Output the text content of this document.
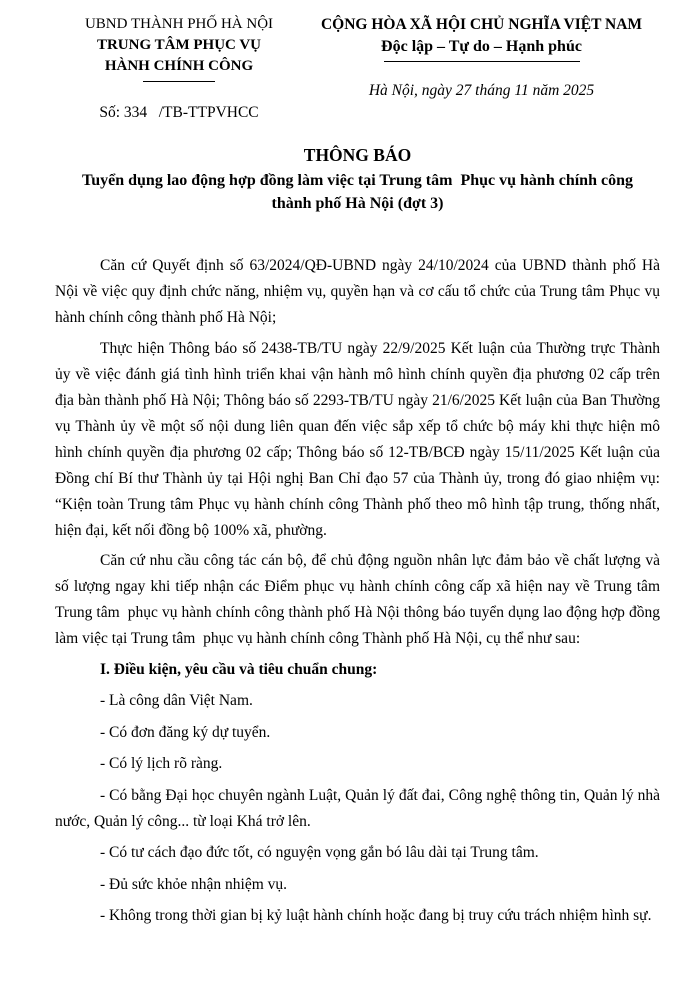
UBND THÀNH PHỐ HÀ NỘI
TRUNG TÂM PHỤC VỤ
HÀNH CHÍNH CÔNG
Số: 334   /TB-TTPVHCC
CỘNG HÒA XÃ HỘI CHỦ NGHĨA VIỆT NAM
Độc lập – Tự do – Hạnh phúc
Hà Nội, ngày 27 tháng 11 năm 2025
THÔNG BÁO
Tuyển dụng lao động hợp đồng làm việc tại Trung tâm  Phục vụ hành chính công thành phố Hà Nội (đợt 3)

Căn cứ Quyết định số 63/2024/QĐ-UBND ngày 24/10/2024 của UBND thành phố Hà Nội về việc quy định chức năng, nhiệm vụ, quyền hạn và cơ cấu tổ chức của Trung tâm Phục vụ hành chính công thành phố Hà Nội;

Thực hiện Thông báo số 2438-TB/TU ngày 22/9/2025 Kết luận của Thường trực Thành ủy về việc đánh giá tình hình triển khai vận hành mô hình chính quyền địa phương 02 cấp trên địa bàn thành phố Hà Nội; Thông báo số 2293-TB/TU ngày 21/6/2025 Kết luận của Ban Thường vụ Thành ủy về một số nội dung liên quan đến việc sắp xếp tổ chức bộ máy khi thực hiện mô hình chính quyền địa phương 02 cấp; Thông báo số 12-TB/BCĐ ngày 15/11/2025 Kết luận của Đồng chí Bí thư Thành ủy tại Hội nghị Ban Chỉ đạo 57 của Thành ủy, trong đó giao nhiệm vụ: “Kiện toàn Trung tâm Phục vụ hành chính công Thành phố theo mô hình tập trung, thống nhất, hiện đại, kết nối đồng bộ 100% xã, phường.

Căn cứ nhu cầu công tác cán bộ, để chủ động nguồn nhân lực đảm bảo về chất lượng và số lượng ngay khi tiếp nhận các Điểm phục vụ hành chính công cấp xã hiện nay về Trung tâm Trung tâm  phục vụ hành chính công thành phố Hà Nội thông báo tuyển dụng lao động hợp đồng làm việc tại Trung tâm  phục vụ hành chính công Thành phố Hà Nội, cụ thể như sau:

I. Điều kiện, yêu cầu và tiêu chuẩn chung:

- Là công dân Việt Nam.

- Có đơn đăng ký dự tuyển.

- Có lý lịch rõ ràng.

- Có bằng Đại học chuyên ngành Luật, Quản lý đất đai, Công nghệ thông tin, Quản lý nhà nước, Quản lý công... từ loại Khá trở lên.

- Có tư cách đạo đức tốt, có nguyện vọng gắn bó lâu dài tại Trung tâm.

- Đủ sức khỏe nhận nhiệm vụ.

- Không trong thời gian bị kỷ luật hành chính hoặc đang bị truy cứu trách nhiệm hình sự.
